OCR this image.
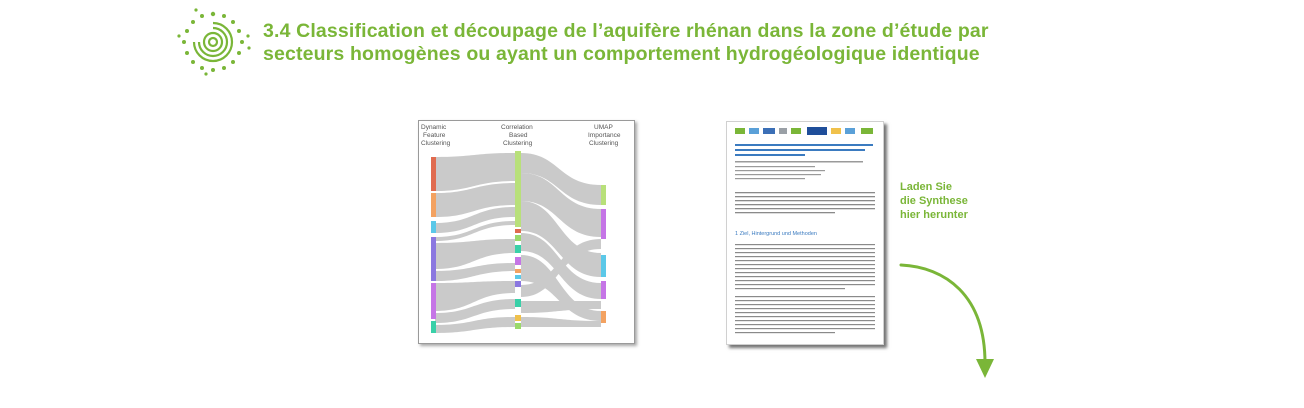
3.4 Classification et découpage de l’aquifère rhénan dans la zone d’étude par
secteurs homogènes ou ayant un comportement hydrogéologique identique
Dynamic
Feature
Clustering
Correlation
Based
Clustering
UMAP
Importance
Clustering
1 Ziel, Hintergrund und Methoden
Laden Sie
die Synthese
hier herunter
